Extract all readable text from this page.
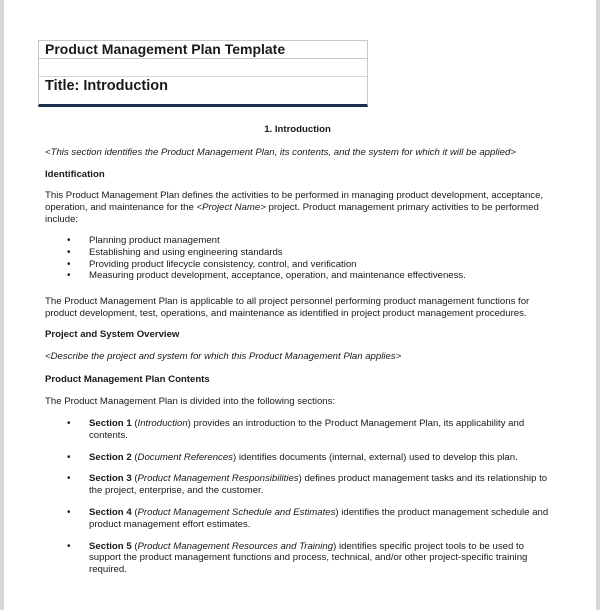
Product Management Plan Template
Title: Introduction
1. Introduction
<This section identifies the Product Management Plan, its contents, and the system for which it will be applied>
Identification
This Product Management Plan defines the activities to be performed in managing product development, acceptance, operation, and maintenance for the <Project Name> project. Product management primary activities to be performed include:
• Planning product management
• Establishing and using engineering standards
• Providing product lifecycle consistency, control, and verification
• Measuring product development, acceptance, operation, and maintenance effectiveness.
The Product Management Plan is applicable to all project personnel performing product management functions for product development, test, operations, and maintenance as identified in project product management procedures.
Project and System Overview
<Describe the project and system for which this Product Management Plan applies>
Product Management Plan Contents
The Product Management Plan is divided into the following sections:
• Section 1 (Introduction) provides an introduction to the Product Management Plan, its applicability and contents.
• Section 2 (Document References) identifies documents (internal, external) used to develop this plan.
• Section 3 (Product Management Responsibilities) defines product management tasks and its relationship to the project, enterprise, and the customer.
• Section 4 (Product Management Schedule and Estimates) identifies the product management schedule and product management effort estimates.
• Section 5 (Product Management Resources and Training) identifies specific project tools to be used to support the product management functions and process, technical, and/or other project-specific training required.
